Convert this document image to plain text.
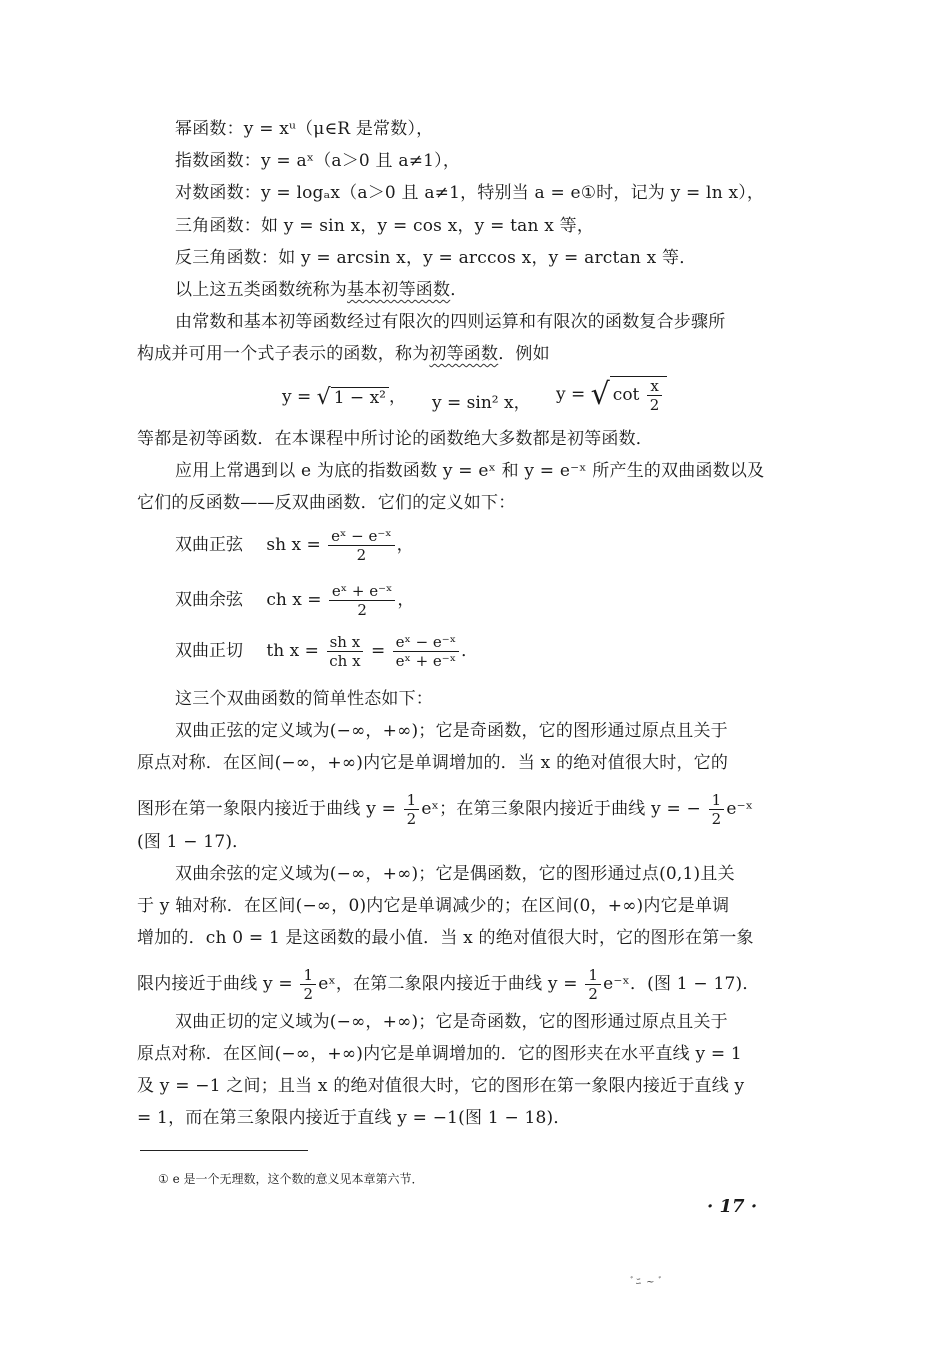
幂函数：y = xᵘ（μ∈R 是常数），
指数函数：y = aˣ（a＞0 且 a≠1），
对数函数：y = logₐx（a＞0 且 a≠1，特别当 a = e①时，记为 y = ln x），
三角函数：如 y = sin x，y = cos x，y = tan x 等，
反三角函数：如 y = arcsin x，y = arccos x，y = arctan x 等．
以上这五类函数统称为基本初等函数．
由常数和基本初等函数经过有限次的四则运算和有限次的函数复合步骤所
构成并可用一个式子表示的函数，称为初等函数．例如
y = √ 1 − x² ， y = sin² x， y = √ $\cot \frac{x}{2}$
等都是初等函数．在本课程中所讨论的函数绝大多数都是初等函数．
应用上常遇到以 e 为底的指数函数 y = eˣ 和 y = e⁻ˣ 所产生的双曲函数以及
它们的反函数——反双曲函数．它们的定义如下：
双曲正弦 sh $x = \frac{\text{eˣ − e⁻ˣ}}{2}$ ，
双曲余弦 ch $x = \frac{\text{eˣ + e⁻ˣ}}{2}$ ，
双曲正切 th $x = \frac{\text{sh x}}{\text{ch x}} = \frac{\text{eˣ − e⁻ˣ}}{\text{eˣ + e⁻ˣ}}$ ．
这三个双曲函数的简单性态如下：
双曲正弦的定义域为(−∞，+∞)；它是奇函数，它的图形通过原点且关于
原点对称．在区间(−∞，+∞)内它是单调增加的．当 x 的绝对值很大时，它的
图形在第一象限内接近于曲线 $y = \frac{1}{2}$ eˣ；在第三象限内接近于曲线 y = − $\frac{1}{2}$ e⁻ˣ
(图 1 − 17)．
双曲余弦的定义域为(−∞，+∞)；它是偶函数，它的图形通过点(0,1)且关
于 y 轴对称．在区间(−∞，0)内它是单调减少的；在区间(0，+∞)内它是单调
增加的．ch 0 = 1 是这函数的最小值．当 x 的绝对值很大时，它的图形在第一象
限内接近于曲线 $y = \frac{1}{2}$ eˣ，在第二象限内接近于曲线 $y = \frac{1}{2}$ e⁻ˣ．(图 1 − 17)．
双曲正切的定义域为(−∞，+∞)；它是奇函数，它的图形通过原点且关于
原点对称．在区间(−∞，+∞)内它是单调增加的．它的图形夹在水平直线 y = 1
及 y = −1 之间；且当 x 的绝对值很大时，它的图形在第一象限内接近于直线 y
= 1，而在第三象限内接近于直线 y = −1(图 1 − 18)．
① e 是一个无理数，这个数的意义见本章第六节．
· 17 ·
ﾞﾆ ~ ﾞ
